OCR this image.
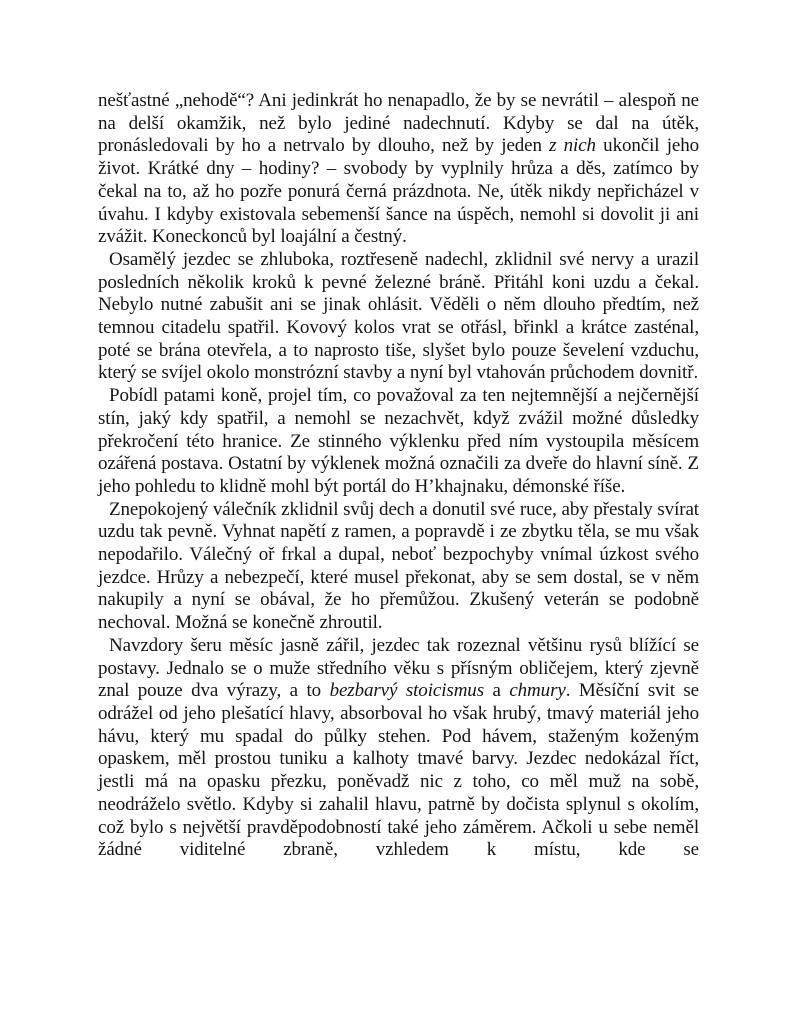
nešťastné „nehodě“? Ani jedinkrát ho nenapadlo, že by se nevrátil – alespoň ne na delší okamžik, než bylo jediné nadechnutí. Kdyby se dal na útěk, pronásledovali by ho a netrvalo by dlouho, než by jeden z nich ukončil jeho život. Krátké dny – hodiny? – svobody by vyplnily hrůza a děs, zatímco by čekal na to, až ho pozře ponurá černá prázdnota. Ne, útěk nikdy nepřicházel v úvahu. I kdyby existovala sebemenší šance na úspěch, nemohl si dovolit ji ani zvážit. Koneckonců byl loajální a čestný.

Osamělý jezdec se zhluboka, roztřeseně nadechl, zklidnil své nervy a urazil posledních několik kroků k pevné železné bráně. Přitáhl koni uzdu a čekal. Nebylo nutné zabušit ani se jinak ohlásit. Věděli o něm dlouho předtím, než temnou citadelu spatřil. Kovový kolos vrat se otřásl, břinkl a krátce zasténal, poté se brána otevřela, a to naprosto tiše, slyšet bylo pouze ševelení vzduchu, který se svíjel okolo monstrózní stavby a nyní byl vtahován průchodem dovnitř.

Pobídl patami koně, projel tím, co považoval za ten nejtemnější a nejčernější stín, jaký kdy spatřil, a nemohl se nezachvět, když zvážil možné důsledky překročení této hranice. Ze stinného výklenku před ním vystoupila měsícem ozářená postava. Ostatní by výklenek možná označili za dveře do hlavní síně. Z jeho pohledu to klidně mohl být portál do H’khajnaku, démonské říše.

Znepokojený válečník zklidnil svůj dech a donutil své ruce, aby přestaly svírat uzdu tak pevně. Vyhnat napětí z ramen, a popravdě i ze zbytku těla, se mu však nepodařilo. Válečný oř frkal a dupal, neboť bezpochyby vnímal úzkost svého jezdce. Hrůzy a nebezpečí, které musel překonat, aby se sem dostal, se v něm nakupily a nyní se obával, že ho přemůžou. Zkušený veterán se podobně nechoval. Možná se konečně zhroutil.

Navzdory šeru měsíc jasně zářil, jezdec tak rozeznal většinu rysů blížící se postavy. Jednalo se o muže středního věku s přísným obličejem, který zjevně znal pouze dva výrazy, a to bezbarvý stoicismus a chmury. Měsíční svit se odrážel od jeho plešatící hlavy, absorboval ho však hrubý, tmavý materiál jeho hávu, který mu spadal do půlky stehen. Pod hávem, staženým koženým opaskem, měl prostou tuniku a kalhoty tmavé barvy. Jezdec nedokázal říct, jestli má na opasku přezku, poněvadž nic z toho, co měl muž na sobě, neodráželo světlo. Kdyby si zahalil hlavu, patrně by dočista splynul s okolím, což bylo s největší pravděpodobností také jeho záměrem. Ačkoli u sebe neměl žádné viditelné zbraně, vzhledem k místu, kde se
